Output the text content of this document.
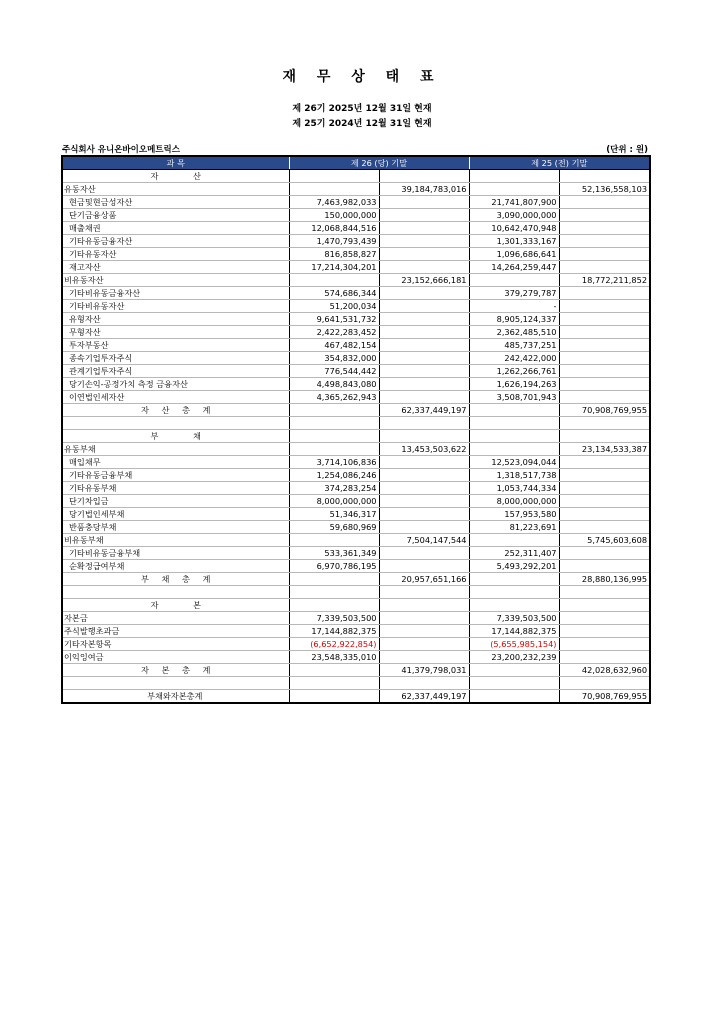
재 무 상 태 표
제 26기 2025년 12월 31일 현재
제 25기 2024년 12월 31일 현재
주식회사 유니온바이오메트릭스	(단위 : 원)
과 목	제 26 (당) 기말		제 25 (전) 기말	
자 산				
유동자산		39,184,783,016		52,136,558,103
현금및현금성자산	7,463,982,033		21,741,807,900	
단기금융상품	150,000,000		3,090,000,000	
매출채권	12,068,844,516		10,642,470,948	
기타유동금융자산	1,470,793,439		1,301,333,167	
기타유동자산	816,858,827		1,096,686,641	
재고자산	17,214,304,201		14,264,259,447	
비유동자산		23,152,666,181		18,772,211,852
기타비유동금융자산	574,686,344		379,279,787	
기타비유동자산	51,200,034		-	
유형자산	9,641,531,732		8,905,124,337	
무형자산	2,422,283,452		2,362,485,510	
투자부동산	467,482,154		485,737,251	
종속기업투자주식	354,832,000		242,422,000	
관계기업투자주식	776,544,442		1,262,266,761	
당기손익-공정가치 측정 금융자산	4,498,843,080		1,626,194,263	
이연법인세자산	4,365,262,943		3,508,701,943	
자 산 총 계		62,337,449,197		70,908,769,955

부 채				
유동부채		13,453,503,622		23,134,533,387
매입채무	3,714,106,836		12,523,094,044	
기타유동금융부채	1,254,086,246		1,318,517,738	
기타유동부채	374,283,254		1,053,744,334	
단기차입금	8,000,000,000		8,000,000,000	
당기법인세부채	51,346,317		157,953,580	
반품충당부채	59,680,969		81,223,691	
비유동부채		7,504,147,544		5,745,603,608
기타비유동금융부채	533,361,349		252,311,407	
순확정급여부채	6,970,786,195		5,493,292,201	
부 채 총 계		20,957,651,166		28,880,136,995

자 본				
자본금	7,339,503,500		7,339,503,500	
주식발행초과금	17,144,882,375		17,144,882,375	
기타자본항목	(6,652,922,854)		(5,655,985,154)	
이익잉여금	23,548,335,010		23,200,232,239	
자 본 총 계		41,379,798,031		42,028,632,960

부채와자본총계		62,337,449,197		70,908,769,955
